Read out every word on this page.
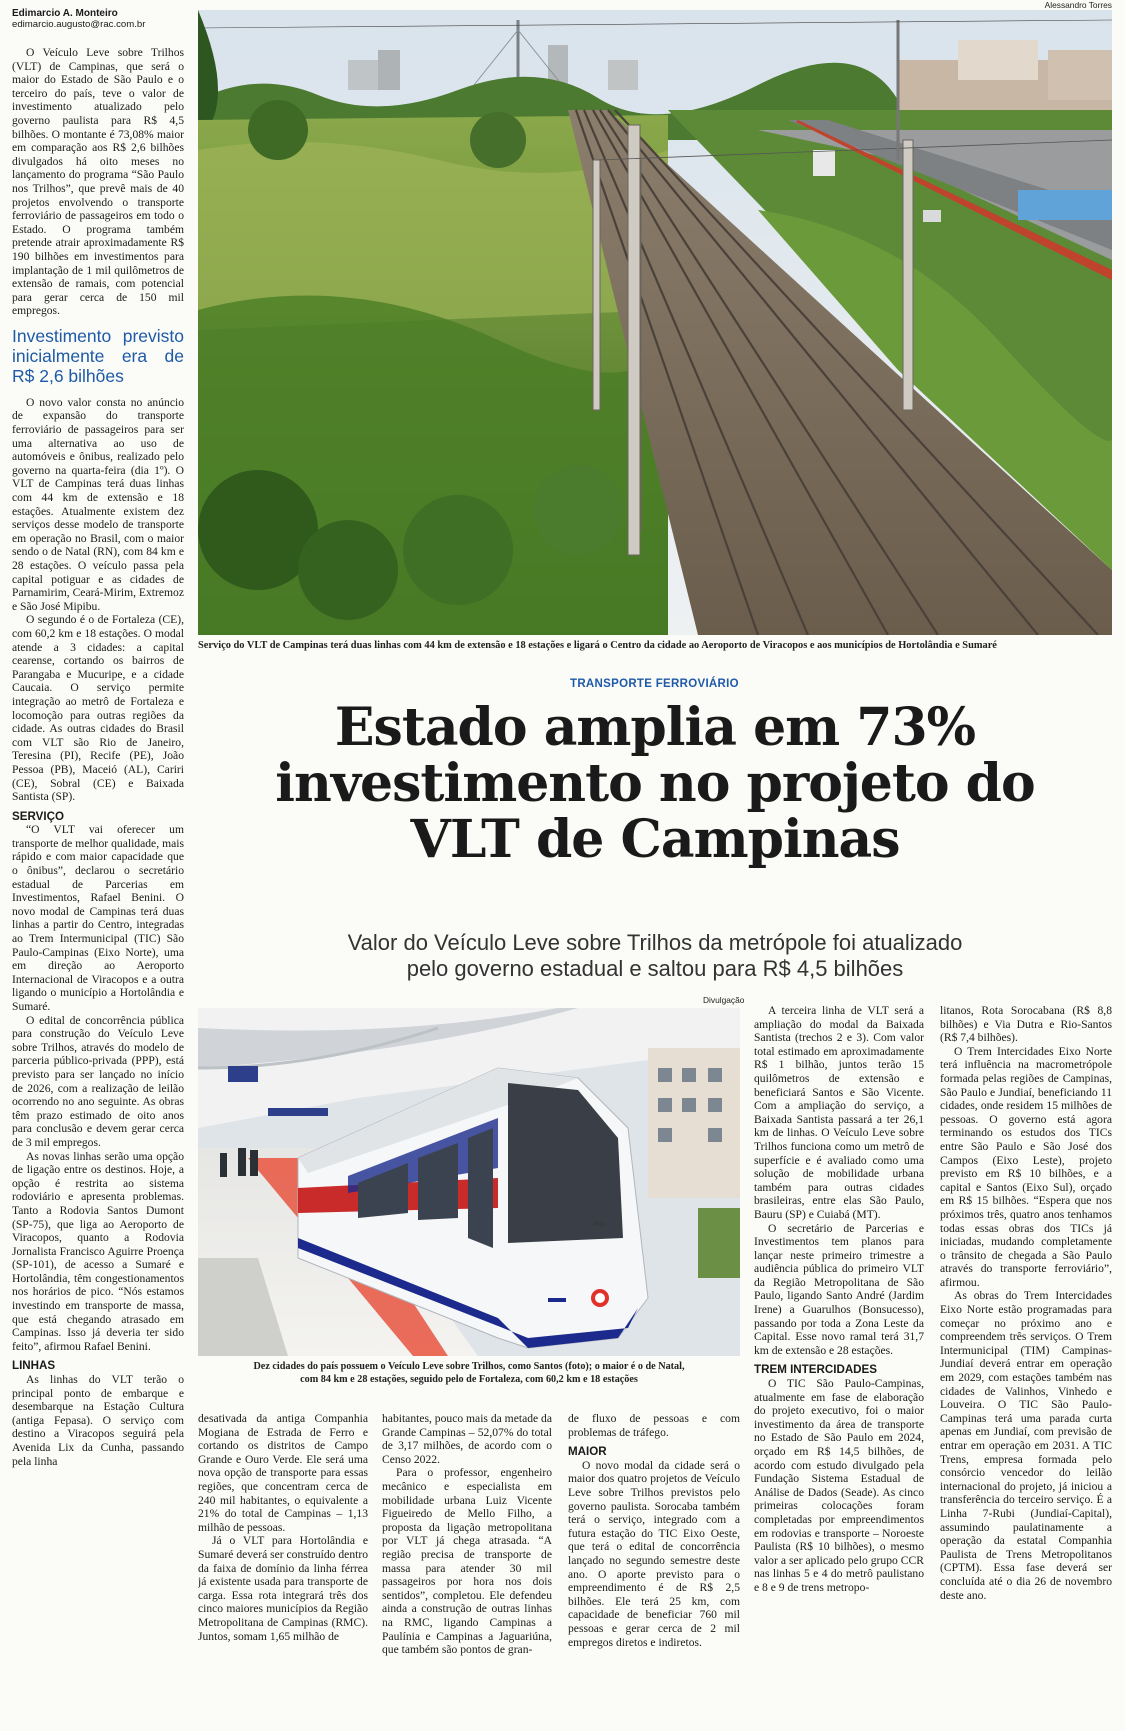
Edimarcio A. Monteiro
edimarcio.augusto@rac.com.br
Alessandro Torres
Serviço do VLT de Campinas terá duas linhas com 44 km de extensão e 18 estações e ligará o Centro da cidade ao Aeroporto de Viracopos e aos municípios de Hortolândia e Sumaré
TRANSPORTE FERROVIÁRIO
Estado amplia em 73%
investimento no projeto do
VLT de Campinas
Valor do Veículo Leve sobre Trilhos da metrópole foi atualizado
pelo governo estadual e saltou para R$ 4,5 bilhões
Divulgação
4001
Dez cidades do país possuem o Veículo Leve sobre Trilhos, como Santos (foto); o maior é o de Natal,
com 84 km e 28 estações, seguido pelo de Fortaleza, com 60,2 km e 18 estações

O Veículo Leve sobre Trilhos (VLT) de Campinas, que será o maior do Estado de São Paulo e o terceiro do país, teve o valor de investimento atualizado pelo governo paulista para R$ 4,5 bilhões. O montante é 73,08% maior em comparação aos R$ 2,6 bilhões divulgados há oito meses no lançamento do programa “São Paulo nos Trilhos”, que prevê mais de 40 projetos envolvendo o transporte ferroviário de passageiros em todo o Estado. O programa também pretende atrair aproximadamente R$ 190 bilhões em investimentos para implantação de 1 mil quilômetros de extensão de ramais, com potencial para gerar cerca de 150 mil empregos.

Investimento previsto inicialmente era de R$ 2,6 bilhões

O novo valor consta no anúncio de expansão do transporte ferroviário de passageiros para ser uma alternativa ao uso de automóveis e ônibus, realizado pelo governo na quarta-feira (dia 1º). O VLT de Campinas terá duas linhas com 44 km de extensão e 18 estações. Atualmente existem dez serviços desse modelo de transporte em operação no Brasil, com o maior sendo o de Natal (RN), com 84 km e 28 estações. O veículo passa pela capital potiguar e as cidades de Parnamirim, Ceará-Mirim, Extremoz e São José Mipibu.

O segundo é o de Fortaleza (CE), com 60,2 km e 18 estações. O modal atende a 3 cidades: a capital cearense, cortando os bairros de Parangaba e Mucuripe, e a cidade Caucaia. O serviço permite integração ao metrô de Fortaleza e locomoção para outras regiões da cidade. As outras cidades do Brasil com VLT são Rio de Janeiro, Teresina (PI), Recife (PE), João Pessoa (PB), Maceió (AL), Cariri (CE), Sobral (CE) e Baixada Santista (SP).

SERVIÇO

“O VLT vai oferecer um transporte de melhor qualidade, mais rápido e com maior capacidade que o ônibus”, declarou o secretário estadual de Parcerias em Investimentos, Rafael Benini. O novo modal de Campinas terá duas linhas a partir do Centro, integradas ao Trem Intermunicipal (TIC) São Paulo-Campinas (Eixo Norte), uma em direção ao Aeroporto Internacional de Viracopos e a outra ligando o município a Hortolândia e Sumaré.

O edital de concorrência pública para construção do Veículo Leve sobre Trilhos, através do modelo de parceria público-privada (PPP), está previsto para ser lançado no início de 2026, com a realização de leilão ocorrendo no ano seguinte. As obras têm prazo estimado de oito anos para conclusão e devem gerar cerca de 3 mil empregos.

As novas linhas serão uma opção de ligação entre os destinos. Hoje, a opção é restrita ao sistema rodoviário e apresenta problemas. Tanto a Rodovia Santos Dumont (SP-75), que liga ao Aeroporto de Viracopos, quanto a Rodovia Jornalista Francisco Aguirre Proença (SP-101), de acesso a Sumaré e Hortolândia, têm congestionamentos nos horários de pico. “Nós estamos investindo em transporte de massa, que está chegando atrasado em Campinas. Isso já deveria ter sido feito”, afirmou Rafael Benini.

LINHAS

As linhas do VLT terão o principal ponto de embarque e desembarque na Estação Cultura (antiga Fepasa). O serviço com destino a Viracopos seguirá pela Avenida Lix da Cunha, passando pela linha

desativada da antiga Companhia Mogiana de Estrada de Ferro e cortando os distritos de Campo Grande e Ouro Verde. Ele será uma nova opção de transporte para essas regiões, que concentram cerca de 240 mil habitantes, o equivalente a 21% do total de Campinas – 1,13 milhão de pessoas.

Já o VLT para Hortolândia e Sumaré deverá ser construído dentro da faixa de domínio da linha férrea já existente usada para transporte de carga. Essa rota integrará três dos cinco maiores municípios da Região Metropolitana de Campinas (RMC). Juntos, somam 1,65 milhão de

habitantes, pouco mais da metade da Grande Campinas – 52,07% do total de 3,17 milhões, de acordo com o Censo 2022.

Para o professor, engenheiro mecânico e especialista em mobilidade urbana Luiz Vicente Figueiredo de Mello Filho, a proposta da ligação metropolitana por VLT já chega atrasada. “A região precisa de transporte de massa para atender 30 mil passageiros por hora nos dois sentidos”, completou. Ele defendeu ainda a construção de outras linhas na RMC, ligando Campinas a Paulínia e Campinas a Jaguariúna, que também são pontos de gran-

de fluxo de pessoas e com problemas de tráfego.

MAIOR

O novo modal da cidade será o maior dos quatro projetos de Veículo Leve sobre Trilhos previstos pelo governo paulista. Sorocaba também terá o serviço, integrado com a futura estação do TIC Eixo Oeste, que terá o edital de concorrência lançado no segundo semestre deste ano. O aporte previsto para o empreendimento é de R$ 2,5 bilhões. Ele terá 25 km, com capacidade de beneficiar 760 mil pessoas e gerar cerca de 2 mil empregos diretos e indiretos.

A terceira linha de VLT será a ampliação do modal da Baixada Santista (trechos 2 e 3). Com valor total estimado em aproximadamente R$ 1 bilhão, juntos terão 15 quilômetros de extensão e beneficiará Santos e São Vicente. Com a ampliação do serviço, a Baixada Santista passará a ter 26,1 km de linhas. O Veículo Leve sobre Trilhos funciona como um metrô de superfície e é avaliado como uma solução de mobilidade urbana também para outras cidades brasileiras, entre elas São Paulo, Bauru (SP) e Cuiabá (MT).

O secretário de Parcerias e Investimentos tem planos para lançar neste primeiro trimestre a audiência pública do primeiro VLT da Região Metropolitana de São Paulo, ligando Santo André (Jardim Irene) a Guarulhos (Bonsucesso), passando por toda a Zona Leste da Capital. Esse novo ramal terá 31,7 km de extensão e 28 estações.

TREM INTERCIDADES

O TIC São Paulo-Campinas, atualmente em fase de elaboração do projeto executivo, foi o maior investimento da área de transporte no Estado de São Paulo em 2024, orçado em R$ 14,5 bilhões, de acordo com estudo divulgado pela Fundação Sistema Estadual de Análise de Dados (Seade). As cinco primeiras colocações foram completadas por empreendimentos em rodovias e transporte – Noroeste Paulista (R$ 10 bilhões), o mesmo valor a ser aplicado pelo grupo CCR nas linhas 5 e 4 do metrô paulistano e 8 e 9 de trens metropo-

litanos, Rota Sorocabana (R$ 8,8 bilhões) e Via Dutra e Rio-Santos (R$ 7,4 bilhões).

O Trem Intercidades Eixo Norte terá influência na macrometrópole formada pelas regiões de Campinas, São Paulo e Jundiaí, beneficiando 11 cidades, onde residem 15 milhões de pessoas. O governo está agora terminando os estudos dos TICs entre São Paulo e São José dos Campos (Eixo Leste), projeto previsto em R$ 10 bilhões, e a capital e Santos (Eixo Sul), orçado em R$ 15 bilhões. “Espera que nos próximos três, quatro anos tenhamos todas essas obras dos TICs já iniciadas, mudando completamente o trânsito de chegada a São Paulo através do transporte ferroviário”, afirmou.

As obras do Trem Intercidades Eixo Norte estão programadas para começar no próximo ano e compreendem três serviços. O Trem Intermunicipal (TIM) Campinas-Jundiaí deverá entrar em operação em 2029, com estações também nas cidades de Valinhos, Vinhedo e Louveira. O TIC São Paulo-Campinas terá uma parada curta apenas em Jundiaí, com previsão de entrar em operação em 2031. A TIC Trens, empresa formada pelo consórcio vencedor do leilão internacional do projeto, já iniciou a transferência do terceiro serviço. É a Linha 7-Rubi (Jundiaí-Capital), assumindo paulatinamente a operação da estatal Companhia Paulista de Trens Metropolitanos (CPTM). Essa fase deverá ser concluída até o dia 26 de novembro deste ano.
